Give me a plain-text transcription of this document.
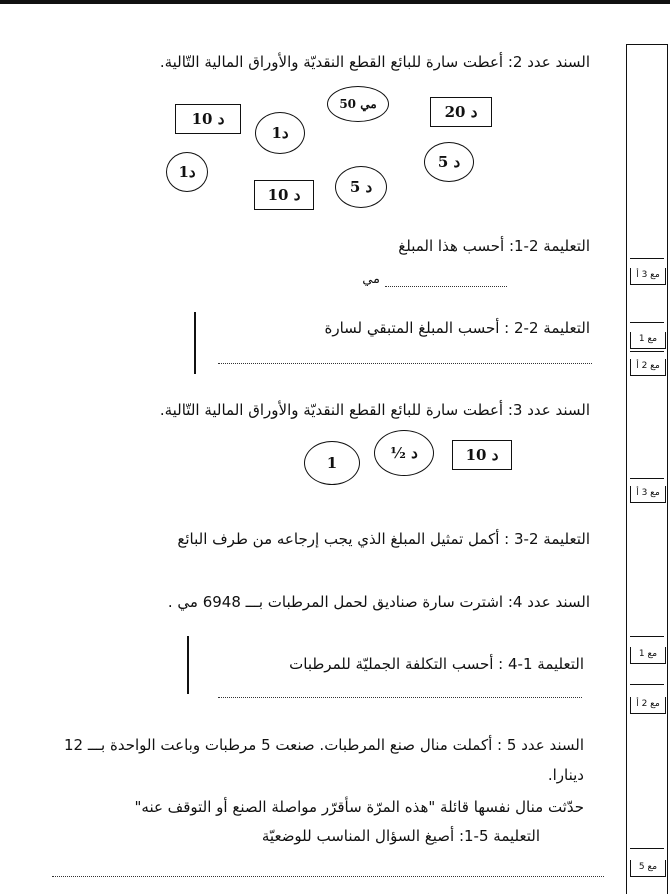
السند عدد 2: أعطت سارة للبائع القطع النقديّة والأوراق المالية التّالية.
10 د
50 مي	20 د
1د
1د
5 د
10 د	5 د
التعليمة 2-1: أحسب هذا المبلغ
مي
التعليمة 2-2 : أحسب المبلغ المتبقي لسارة
السند عدد 3: أعطت سارة للبائع القطع النقديّة والأوراق المالية التّالية.
1
½ د	10 د
التعليمة 2-3 : أكمل تمثيل المبلغ الذي يجب إرجاعه من طرف البائع
السند عدد 4: اشترت سارة صناديق لحمل المرطبات بـــ 6948 مي .
التعليمة 1-4 : أحسب التكلفة الجمليّة للمرطبات
السند عدد 5 : أكملت منال صنع المرطبات. صنعت 5 مرطبات وباعت الواحدة بـــ 12
دينارا.
حدّثت منال نفسها قائلة "هذه المرّة سأقرّر مواصلة الصنع أو التوقف عنه"
التعليمة 5-1: أصيغ السؤال المناسب للوضعيّة
مع 3 أ
مع 1
مع 2 أ
مع 3 أ
مع 1
مع 2 أ
مع 5
